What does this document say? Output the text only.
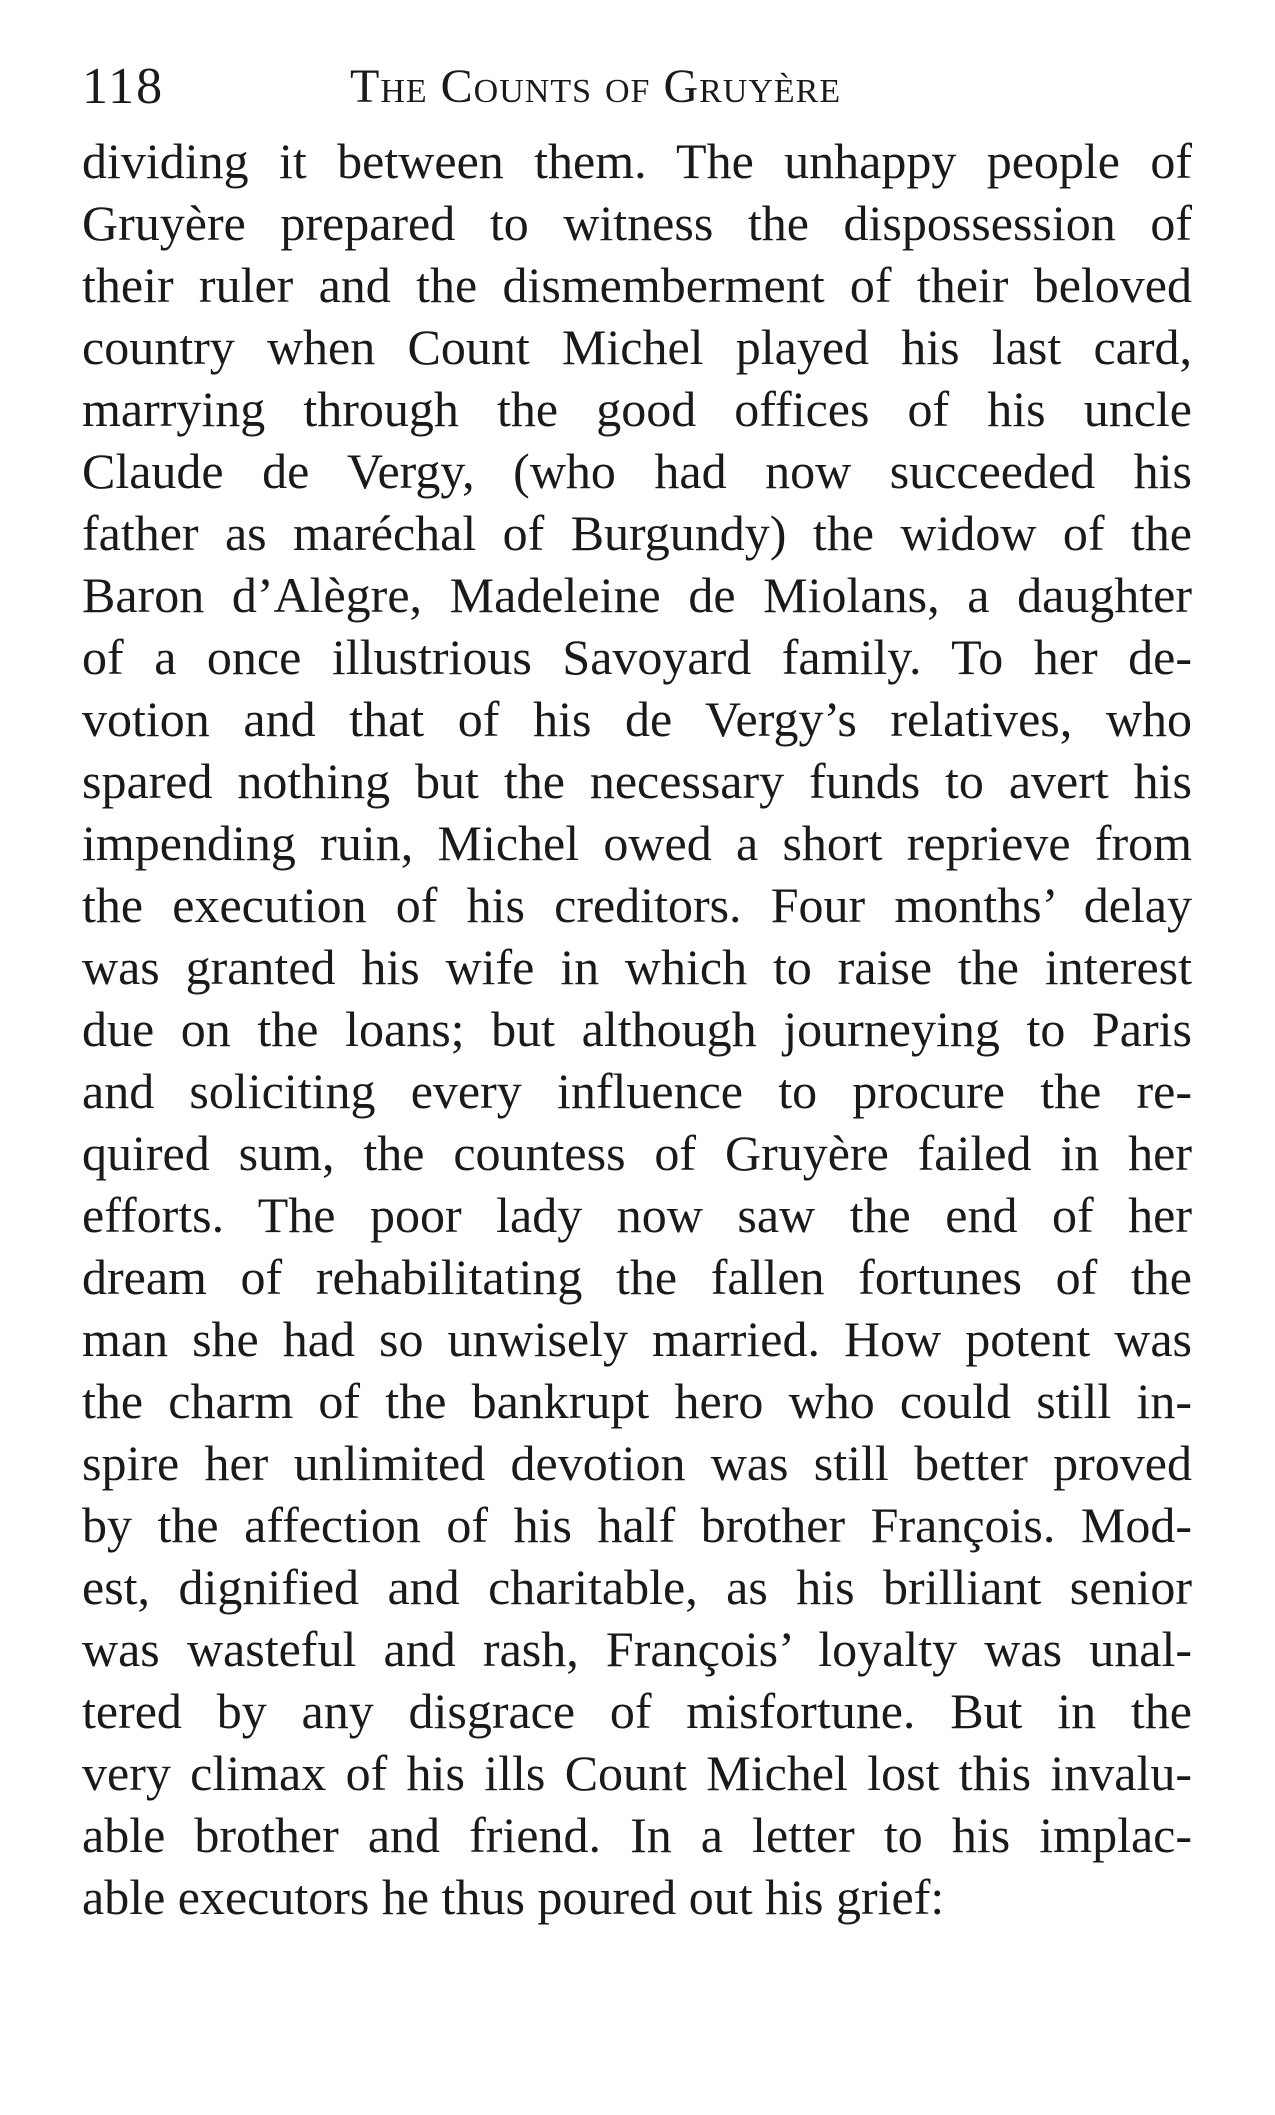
118	The Counts of Gruyère
dividing it between them. The unhappy people of
Gruyère prepared to witness the dispossession of
their ruler and the dismemberment of their beloved
country when Count Michel played his last card,
marrying through the good offices of his uncle
Claude de Vergy, (who had now succeeded his
father as maréchal of Burgundy) the widow of the
Baron d’Alègre, Madeleine de Miolans, a daughter
of a once illustrious Savoyard family. To her de-
votion and that of his de Vergy’s relatives, who
spared nothing but the necessary funds to avert his
impending ruin, Michel owed a short reprieve from
the execution of his creditors. Four months’ delay
was granted his wife in which to raise the interest
due on the loans; but although journeying to Paris
and soliciting every influence to procure the re-
quired sum, the countess of Gruyère failed in her
efforts. The poor lady now saw the end of her
dream of rehabilitating the fallen fortunes of the
man she had so unwisely married. How potent was
the charm of the bankrupt hero who could still in-
spire her unlimited devotion was still better proved
by the affection of his half brother François. Mod-
est, dignified and charitable, as his brilliant senior
was wasteful and rash, François’ loyalty was unal-
tered by any disgrace of misfortune. But in the
very climax of his ills Count Michel lost this invalu-
able brother and friend. In a letter to his implac-
able executors he thus poured out his grief:
